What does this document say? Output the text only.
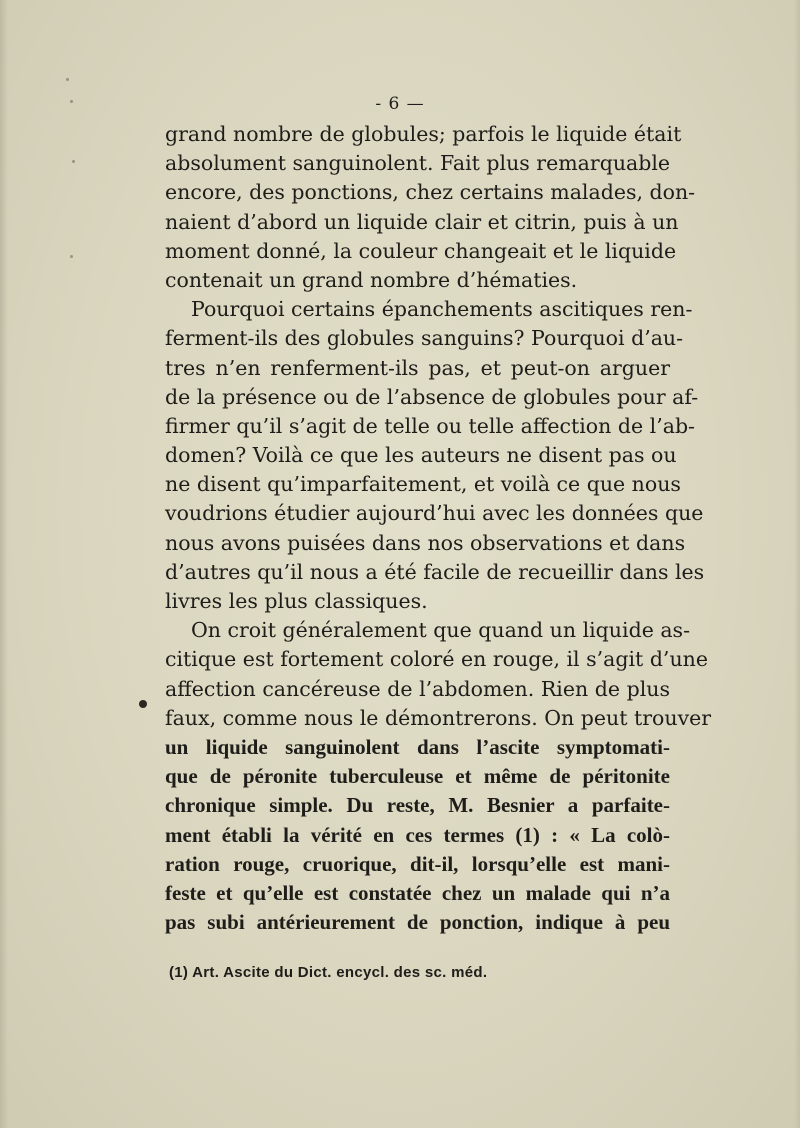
- 6 —
grand nombre de globules; parfois le liquide était
absolument sanguinolent. Fait plus remarquable
encore, des ponctions, chez certains malades, don-
naient d’abord un liquide clair et citrin, puis à un
moment donné, la couleur changeait et le liquide
contenait un grand nombre d’hématies.
Pourquoi certains épanchements ascitiques ren-
ferment-ils des globules sanguins? Pourquoi d’au-
tres n’en renferment-ils pas, et peut-on arguer
de la présence ou de l’absence de globules pour af-
firmer qu’il s’agit de telle ou telle affection de l’ab-
domen? Voilà ce que les auteurs ne disent pas ou
ne disent qu’imparfaitement, et voilà ce que nous
voudrions étudier aujourd’hui avec les données que
nous avons puisées dans nos observations et dans
d’autres qu’il nous a été facile de recueillir dans les
livres les plus classiques.
On croit généralement que quand un liquide as-
citique est fortement coloré en rouge, il s’agit d’une
affection cancéreuse de l’abdomen. Rien de plus
faux, comme nous le démontrerons. On peut trouver
un liquide sanguinolent dans l’ascite symptomati-
que de péronite tuberculeuse et même de péritonite
chronique simple. Du reste, M. Besnier a parfaite-
ment établi la vérité en ces termes (1) : « La colò-
ration rouge, cruorique, dit-il, lorsqu’elle est mani-
feste et qu’elle est constatée chez un malade qui n’a
pas subi antérieurement de ponction, indique à peu
(1) Art. Ascite du Dict. encycl. des sc. méd.
